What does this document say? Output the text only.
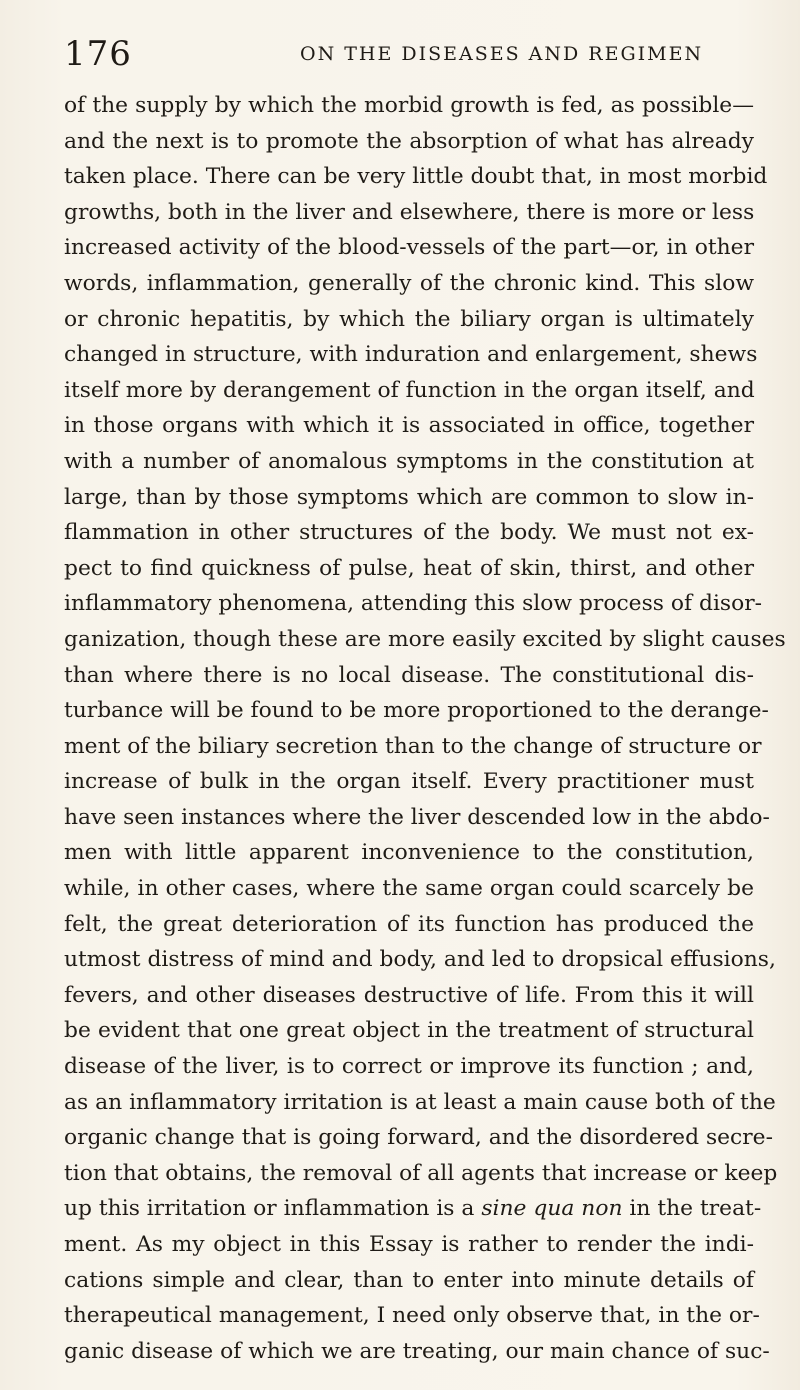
176	ON THE DISEASES AND REGIMEN
of the supply by which the morbid growth is fed, as possible—
and the next is to promote the absorption of what has already
taken place. There can be very little doubt that, in most morbid
growths, both in the liver and elsewhere, there is more or less
increased activity of the blood-vessels of the part—or, in other
words, inflammation, generally of the chronic kind. This slow
or chronic hepatitis, by which the biliary organ is ultimately
changed in structure, with induration and enlargement, shews
itself more by derangement of function in the organ itself, and
in those organs with which it is associated in office, together
with a number of anomalous symptoms in the constitution at
large, than by those symptoms which are common to slow in-
flammation in other structures of the body. We must not ex-
pect to find quickness of pulse, heat of skin, thirst, and other
inflammatory phenomena, attending this slow process of disor-
ganization, though these are more easily excited by slight causes
than where there is no local disease. The constitutional dis-
turbance will be found to be more proportioned to the derange-
ment of the biliary secretion than to the change of structure or
increase of bulk in the organ itself. Every practitioner must
have seen instances where the liver descended low in the abdo-
men with little apparent inconvenience to the constitution,
while, in other cases, where the same organ could scarcely be
felt, the great deterioration of its function has produced the
utmost distress of mind and body, and led to dropsical effusions,
fevers, and other diseases destructive of life. From this it will
be evident that one great object in the treatment of structural
disease of the liver, is to correct or improve its function ; and,
as an inflammatory irritation is at least a main cause both of the
organic change that is going forward, and the disordered secre-
tion that obtains, the removal of all agents that increase or keep
up this irritation or inflammation is a sine qua non in the treat-
ment. As my object in this Essay is rather to render the indi-
cations simple and clear, than to enter into minute details of
therapeutical management, I need only observe that, in the or-
ganic disease of which we are treating, our main chance of suc-
